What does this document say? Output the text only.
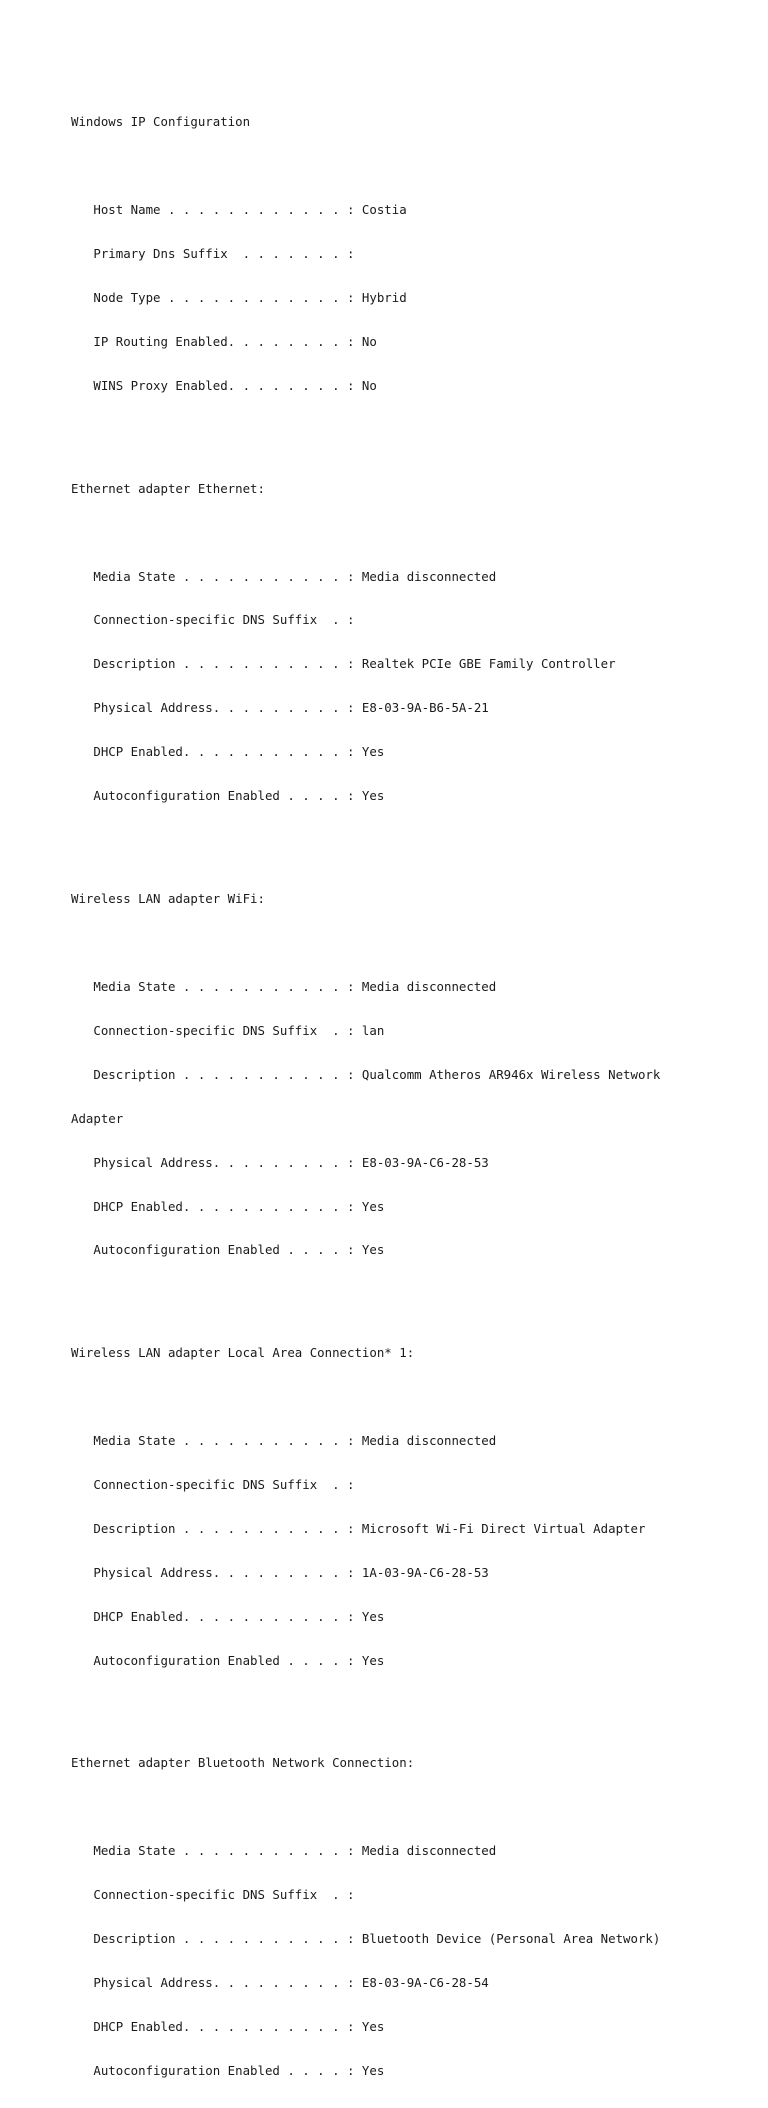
Windows IP Configuration

Host Name . . . . . . . . . . . . : Costia

Primary Dns Suffix  . . . . . . . :

Node Type . . . . . . . . . . . . : Hybrid

IP Routing Enabled. . . . . . . . : No

WINS Proxy Enabled. . . . . . . . : No

Ethernet adapter Ethernet:

Media State . . . . . . . . . . . : Media disconnected

Connection-specific DNS Suffix  . :

Description . . . . . . . . . . . : Realtek PCIe GBE Family Controller

Physical Address. . . . . . . . . : E8-03-9A-B6-5A-21

DHCP Enabled. . . . . . . . . . . : Yes

Autoconfiguration Enabled . . . . : Yes

Wireless LAN adapter WiFi:

Media State . . . . . . . . . . . : Media disconnected

Connection-specific DNS Suffix  . : lan

Description . . . . . . . . . . . : Qualcomm Atheros AR946x Wireless Network

Adapter

Physical Address. . . . . . . . . : E8-03-9A-C6-28-53

DHCP Enabled. . . . . . . . . . . : Yes

Autoconfiguration Enabled . . . . : Yes

Wireless LAN adapter Local Area Connection* 1:

Media State . . . . . . . . . . . : Media disconnected

Connection-specific DNS Suffix  . :

Description . . . . . . . . . . . : Microsoft Wi-Fi Direct Virtual Adapter

Physical Address. . . . . . . . . : 1A-03-9A-C6-28-53

DHCP Enabled. . . . . . . . . . . : Yes

Autoconfiguration Enabled . . . . : Yes

Ethernet adapter Bluetooth Network Connection:

Media State . . . . . . . . . . . : Media disconnected

Connection-specific DNS Suffix  . :

Description . . . . . . . . . . . : Bluetooth Device (Personal Area Network)

Physical Address. . . . . . . . . : E8-03-9A-C6-28-54

DHCP Enabled. . . . . . . . . . . : Yes

Autoconfiguration Enabled . . . . : Yes
